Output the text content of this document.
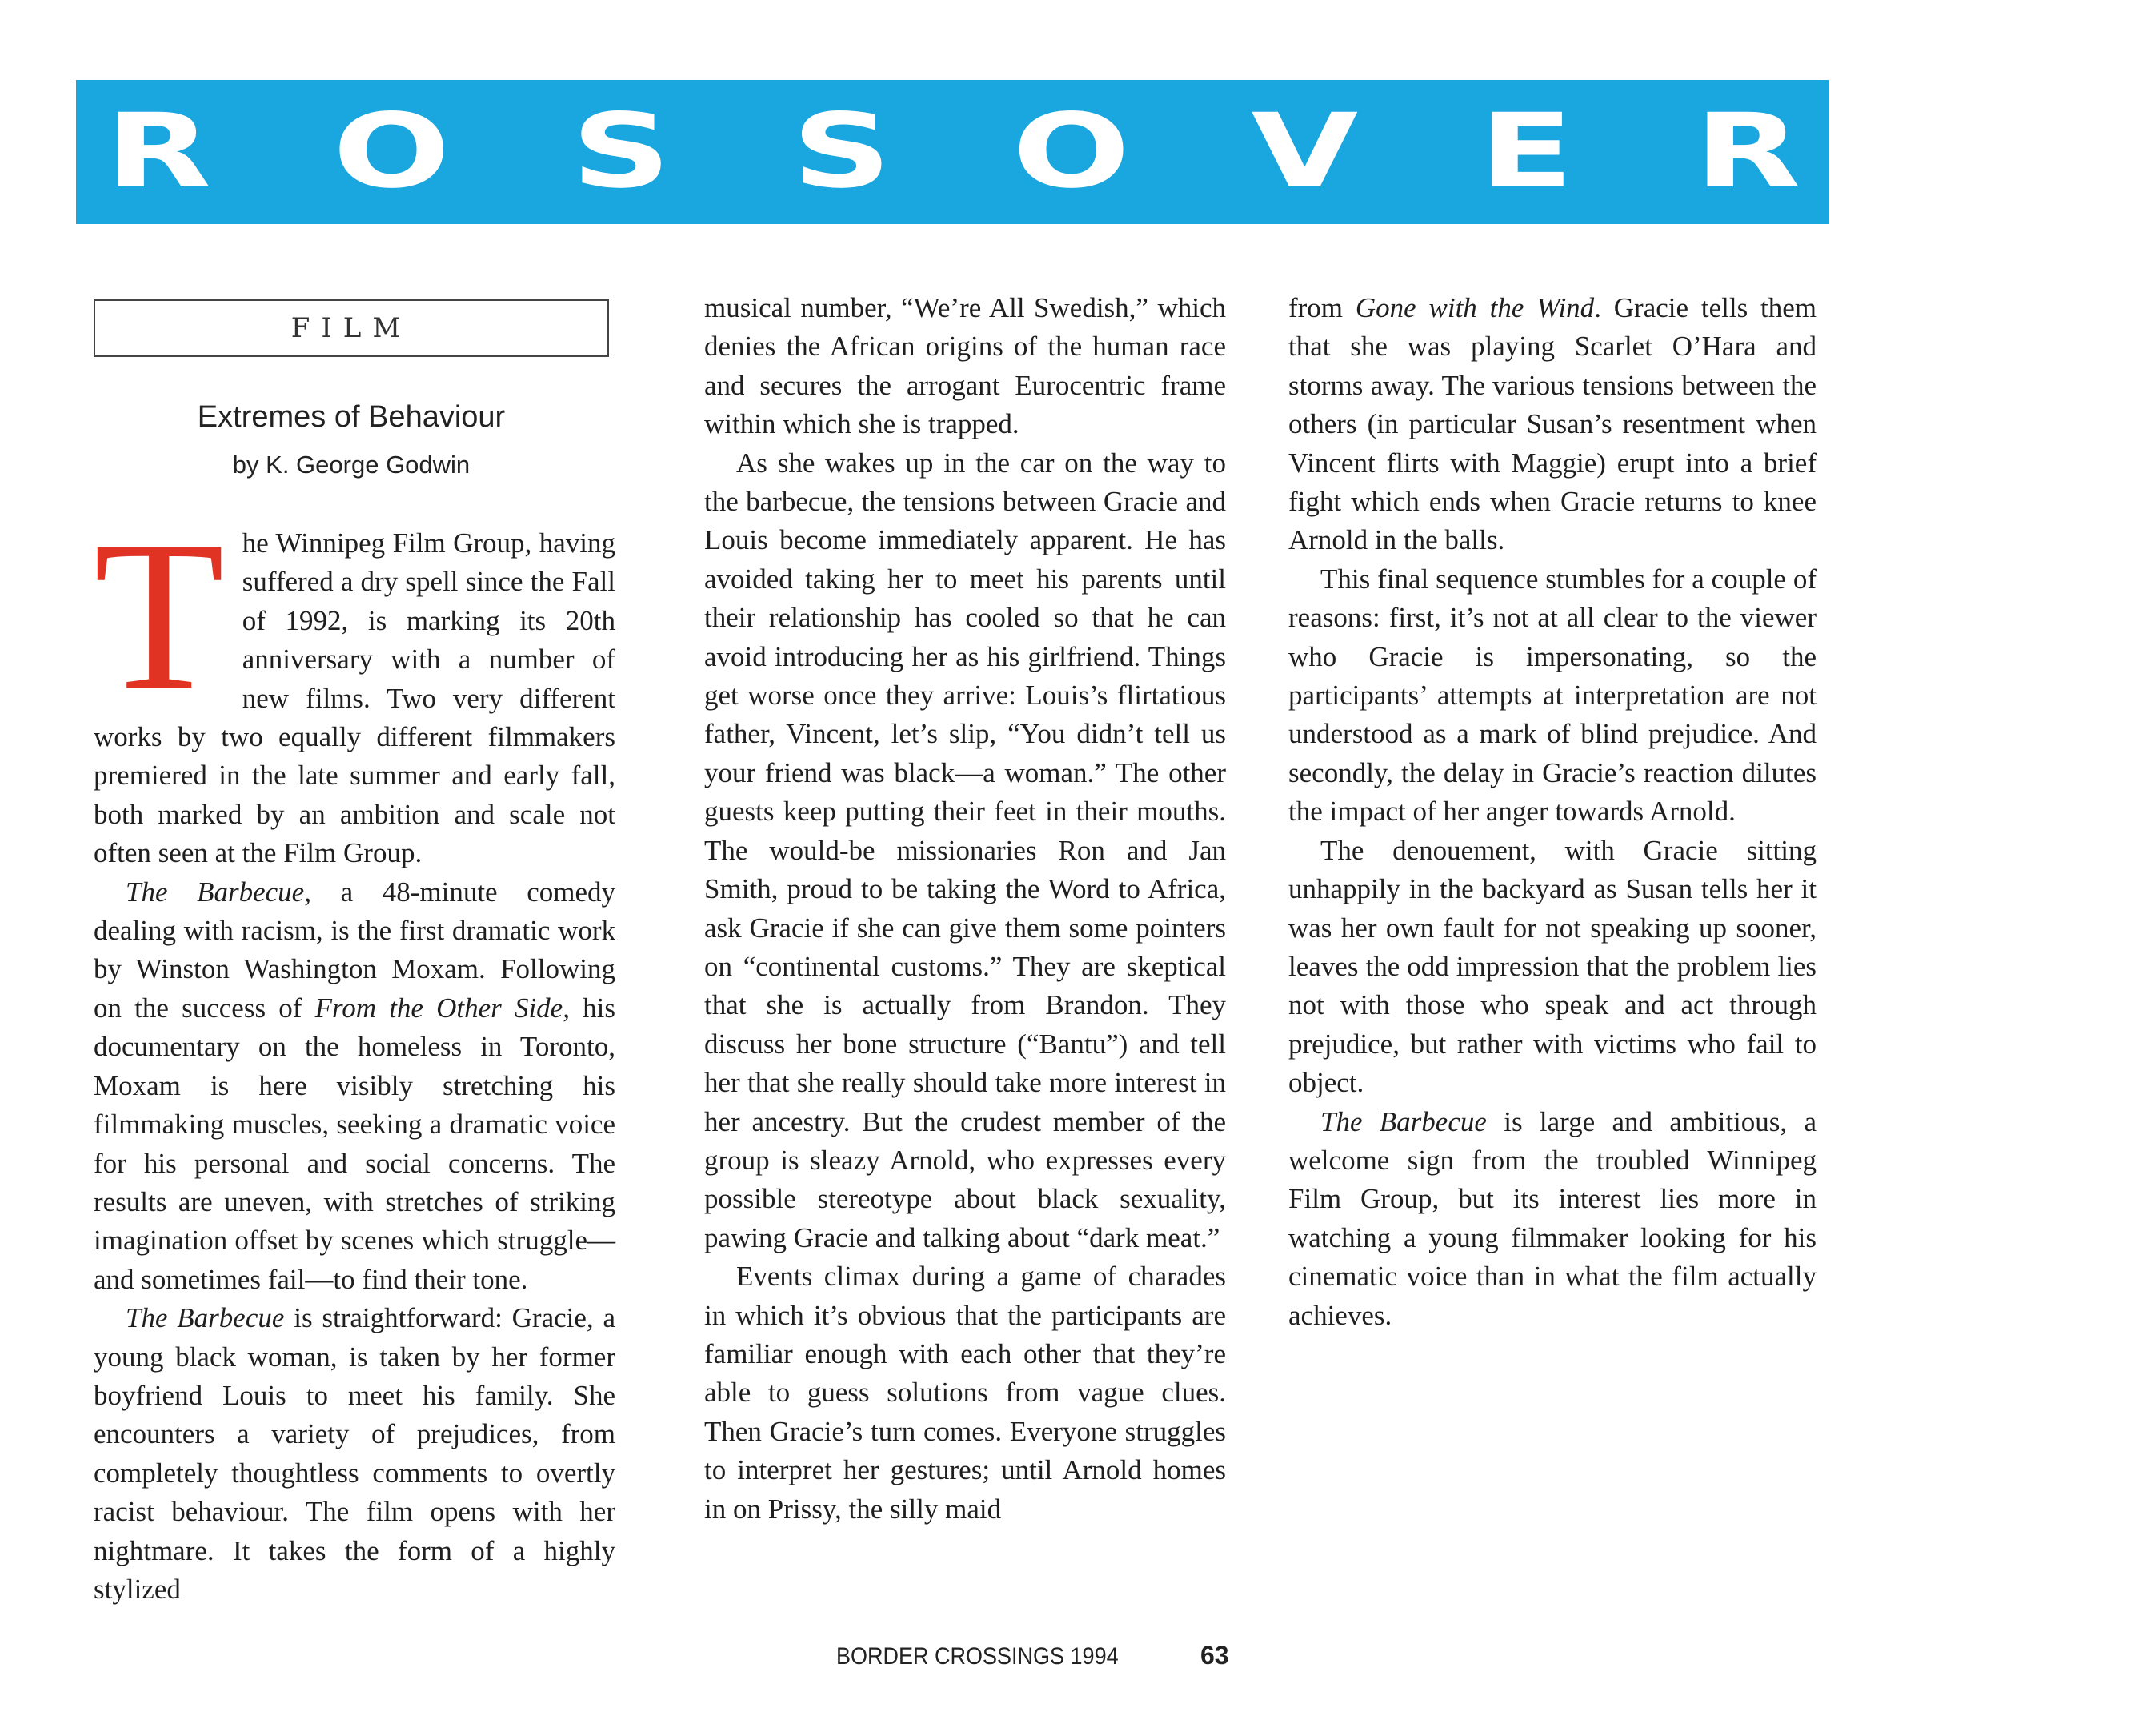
R O S S O V E R S
FILM
Extremes of Behaviour
by K. George Godwin

The Winnipeg Film Group, having suffered a dry spell since the Fall of 1992, is marking its 20th anniversary with a number of new films. Two very different works by two equally different filmmakers premiered in the late summer and early fall, both marked by an ambition and scale not often seen at the Film Group.

The Barbecue, a 48-minute comedy dealing with racism, is the first dramatic work by Winston Washington Moxam. Following on the success of From the Other Side, his documentary on the homeless in Toronto, Moxam is here visibly stretching his filmmaking muscles, seeking a dramatic voice for his personal and social concerns. The results are uneven, with stretches of striking imagination offset by scenes which struggle—and sometimes fail—to find their tone.

The Barbecue is straightforward: Gracie, a young black woman, is taken by her former boyfriend Louis to meet his family. She encounters a variety of prejudices, from completely thoughtless comments to overtly racist behaviour. The film opens with her nightmare. It takes the form of a highly stylized

musical number, “We’re All Swedish,” which denies the African origins of the human race and secures the arrogant Eurocentric frame within which she is trapped.

As she wakes up in the car on the way to the barbecue, the tensions between Gracie and Louis become immediately apparent. He has avoided taking her to meet his parents until their relationship has cooled so that he can avoid introducing her as his girlfriend. Things get worse once they arrive: Louis’s flirtatious father, Vincent, let’s slip, “You didn’t tell us your friend was black—a woman.” The other guests keep putting their feet in their mouths. The would-be missionaries Ron and Jan Smith, proud to be taking the Word to Africa, ask Gracie if she can give them some pointers on “continental customs.” They are skeptical that she is actually from Brandon. They discuss her bone structure (“Bantu”) and tell her that she really should take more interest in her ancestry. But the crudest member of the group is sleazy Arnold, who expresses every possible stereotype about black sexuality, pawing Gracie and talking about “dark meat.”

Events climax during a game of charades in which it’s obvious that the participants are familiar enough with each other that they’re able to guess solutions from vague clues. Then Gracie’s turn comes. Everyone struggles to interpret her gestures; until Arnold homes in on Prissy, the silly maid

from Gone with the Wind. Gracie tells them that she was playing Scarlet O’Hara and storms away. The various tensions between the others (in particular Susan’s resentment when Vincent flirts with Maggie) erupt into a brief fight which ends when Gracie returns to knee Arnold in the balls.

This final sequence stumbles for a couple of reasons: first, it’s not at all clear to the viewer who Gracie is impersonating, so the participants’ attempts at interpretation are not understood as a mark of blind prejudice. And secondly, the delay in Gracie’s reaction dilutes the impact of her anger towards Arnold.

The denouement, with Gracie sitting unhappily in the backyard as Susan tells her it was her own fault for not speaking up sooner, leaves the odd impression that the problem lies not with those who speak and act through prejudice, but rather with victims who fail to object.

The Barbecue is large and ambitious, a welcome sign from the troubled Winnipeg Film Group, but its interest lies more in watching a young filmmaker looking for his cinematic voice than in what the film actually achieves.

BORDER CROSSINGS 1994	63
